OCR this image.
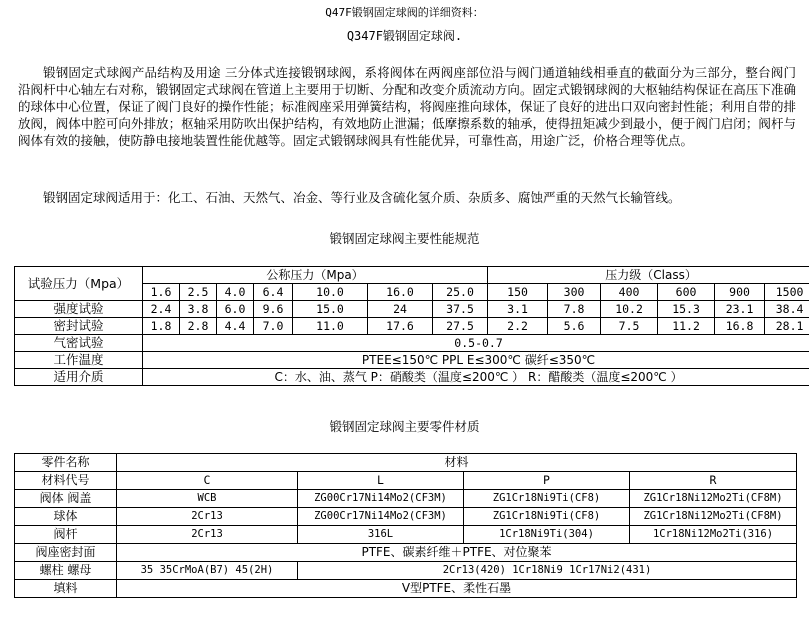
Q47F锻钢固定球阀的详细资料：
Q347F锻钢固定球阀.

锻钢固定式球阀产品结构及用途 三分体式连接锻钢球阀，系将阀体在两阀座部位沿与阀门通道轴线相垂直的截面分为三部分，整台阀门沿阀杆中心轴左右对称，锻钢固定式球阀在管道上主要用于切断、分配和改变介质流动方向。固定式锻钢球阀的大枢轴结构保证在高压下准确的球体中心位置，保证了阀门良好的操作性能；标准阀座采用弹簧结构，将阀座推向球体，保证了良好的进出口双向密封性能；利用自带的排放阀，阀体中腔可向外排放；枢轴采用防吹出保护结构，有效地防止泄漏；低摩擦系数的轴承，使得扭矩减少到最小，便于阀门启闭；阀杆与阀体有效的接触，使防静电接地装置性能优越等。固定式锻钢球阀具有性能优异，可靠性高，用途广泛，价格合理等优点。

锻钢固定球阀适用于：化工、石油、天然气、冶金、等行业及含硫化氢介质、杂质多、腐蚀严重的天然气长输管线。

锻钢固定球阀主要性能规范
试验压力（Mpa）	公称压力（Mpa）							压力级（Class）					
	1.6	2.5	4.0	6.4	10.0	16.0	25.0	150	300	400	600	900	1500
强度试验	2.4	3.8	6.0	9.6	15.0	24	37.5	3.1	7.8	10.2	15.3	23.1	38.4
密封试验	1.8	2.8	4.4	7.0	11.0	17.6	27.5	2.2	5.6	7.5	11.2	16.8	28.1
气密试验	0.5-0.7												
工作温度	PTEE≤150℃ PPL E≤300℃ 碳纤≤350℃												
适用介质	C：水、油、蒸气 P：硝酸类（温度≤200℃ ） R：醋酸类（温度≤200℃ ）												
锻钢固定球阀主要零件材质
零件名称	材料			
材料代号	C	L	P	R
阀体 阀盖	WCB	ZG00Cr17Ni14Mo2(CF3M)	ZG1Cr18Ni9Ti(CF8)	ZG1Cr18Ni12Mo2Ti(CF8M)
球体	2Cr13	ZG00Cr17Ni14Mo2(CF3M)	ZG1Cr18Ni9Ti(CF8)	ZG1Cr18Ni12Mo2Ti(CF8M)
阀杆	2Cr13	316L	1Cr18Ni9Ti(304)	1Cr18Ni12Mo2Ti(316)
阀座密封面	PTFE、碳素纤维＋PTFE、对位聚苯			
螺柱 螺母	35 35CrMoA(B7) 45(2H)	2Cr13(420) 1Cr18Ni9 1Cr17Ni2(431)		
填料	V型PTFE、柔性石墨			
